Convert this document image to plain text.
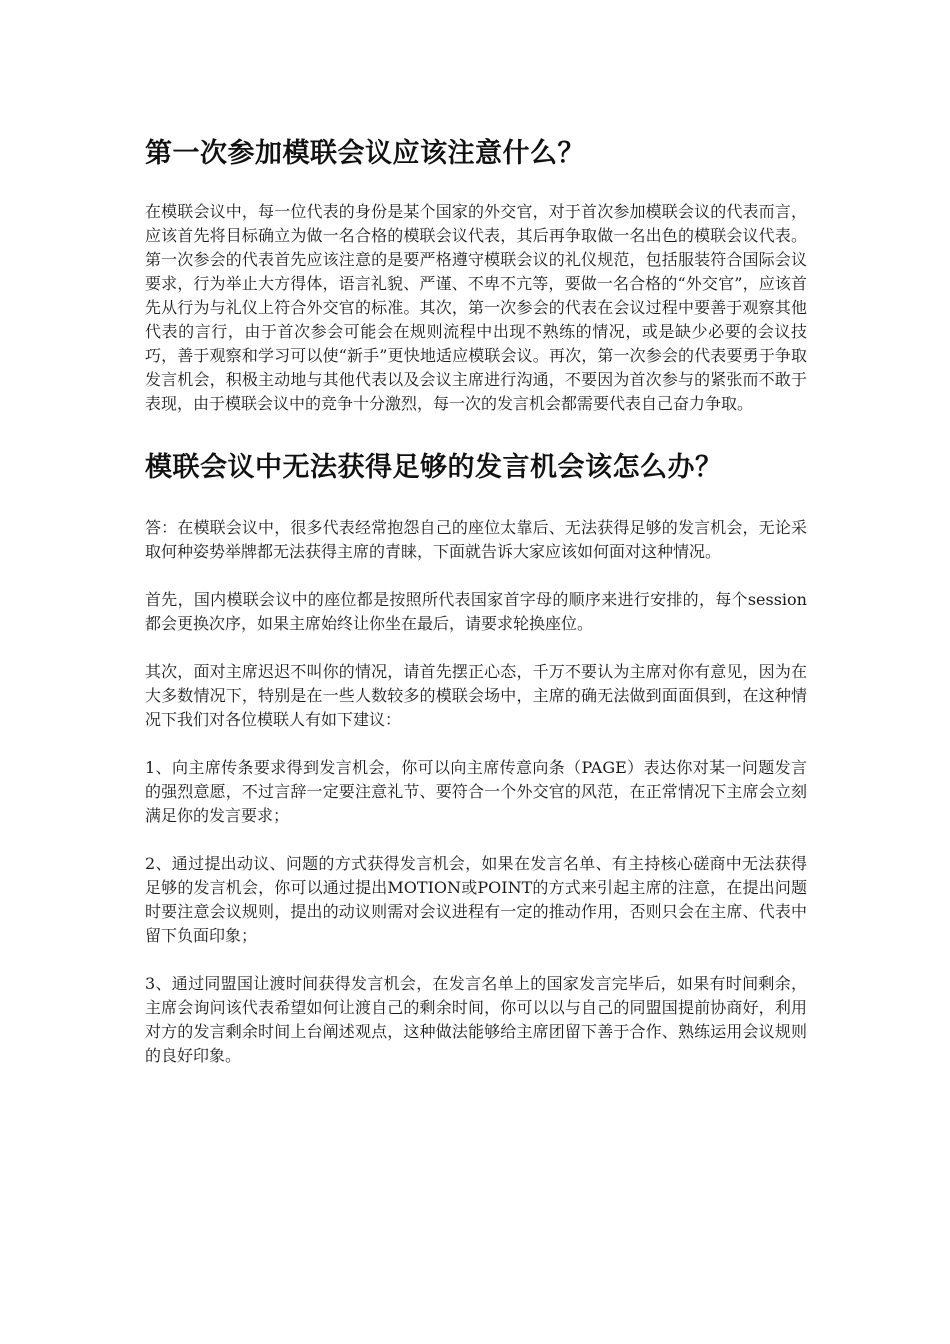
第一次参加模联会议应该注意什么？

在模联会议中，每一位代表的身份是某个国家的外交官，对于首次参加模联会议的代表而言，应该首先将目标确立为做一名合格的模联会议代表，其后再争取做一名出色的模联会议代表。第一次参会的代表首先应该注意的是要严格遵守模联会议的礼仪规范，包括服装符合国际会议要求，行为举止大方得体，语言礼貌、严谨、不卑不亢等，要做一名合格的“外交官”，应该首先从行为与礼仪上符合外交官的标准。其次，第一次参会的代表在会议过程中要善于观察其他代表的言行，由于首次参会可能会在规则流程中出现不熟练的情况，或是缺少必要的会议技巧，善于观察和学习可以使“新手”更快地适应模联会议。再次，第一次参会的代表要勇于争取发言机会，积极主动地与其他代表以及会议主席进行沟通，不要因为首次参与的紧张而不敢于表现，由于模联会议中的竞争十分激烈，每一次的发言机会都需要代表自己奋力争取。

模联会议中无法获得足够的发言机会该怎么办？

答：在模联会议中，很多代表经常抱怨自己的座位太靠后、无法获得足够的发言机会，无论采取何种姿势举牌都无法获得主席的青睐，下面就告诉大家应该如何面对这种情况。

首先，国内模联会议中的座位都是按照所代表国家首字母的顺序来进行安排的，每个session都会更换次序，如果主席始终让你坐在最后，请要求轮换座位。

其次，面对主席迟迟不叫你的情况，请首先摆正心态，千万不要认为主席对你有意见，因为在大多数情况下，特别是在一些人数较多的模联会场中，主席的确无法做到面面俱到，在这种情况下我们对各位模联人有如下建议：

1、向主席传条要求得到发言机会，你可以向主席传意向条（PAGE）表达你对某一问题发言的强烈意愿，不过言辞一定要注意礼节、要符合一个外交官的风范，在正常情况下主席会立刻满足你的发言要求；

2、通过提出动议、问题的方式获得发言机会，如果在发言名单、有主持核心磋商中无法获得足够的发言机会，你可以通过提出MOTION或POINT的方式来引起主席的注意，在提出问题时要注意会议规则，提出的动议则需对会议进程有一定的推动作用，否则只会在主席、代表中留下负面印象；

3、通过同盟国让渡时间获得发言机会，在发言名单上的国家发言完毕后，如果有时间剩余，主席会询问该代表希望如何让渡自己的剩余时间，你可以以与自己的同盟国提前协商好，利用对方的发言剩余时间上台阐述观点，这种做法能够给主席团留下善于合作、熟练运用会议规则的良好印象。
